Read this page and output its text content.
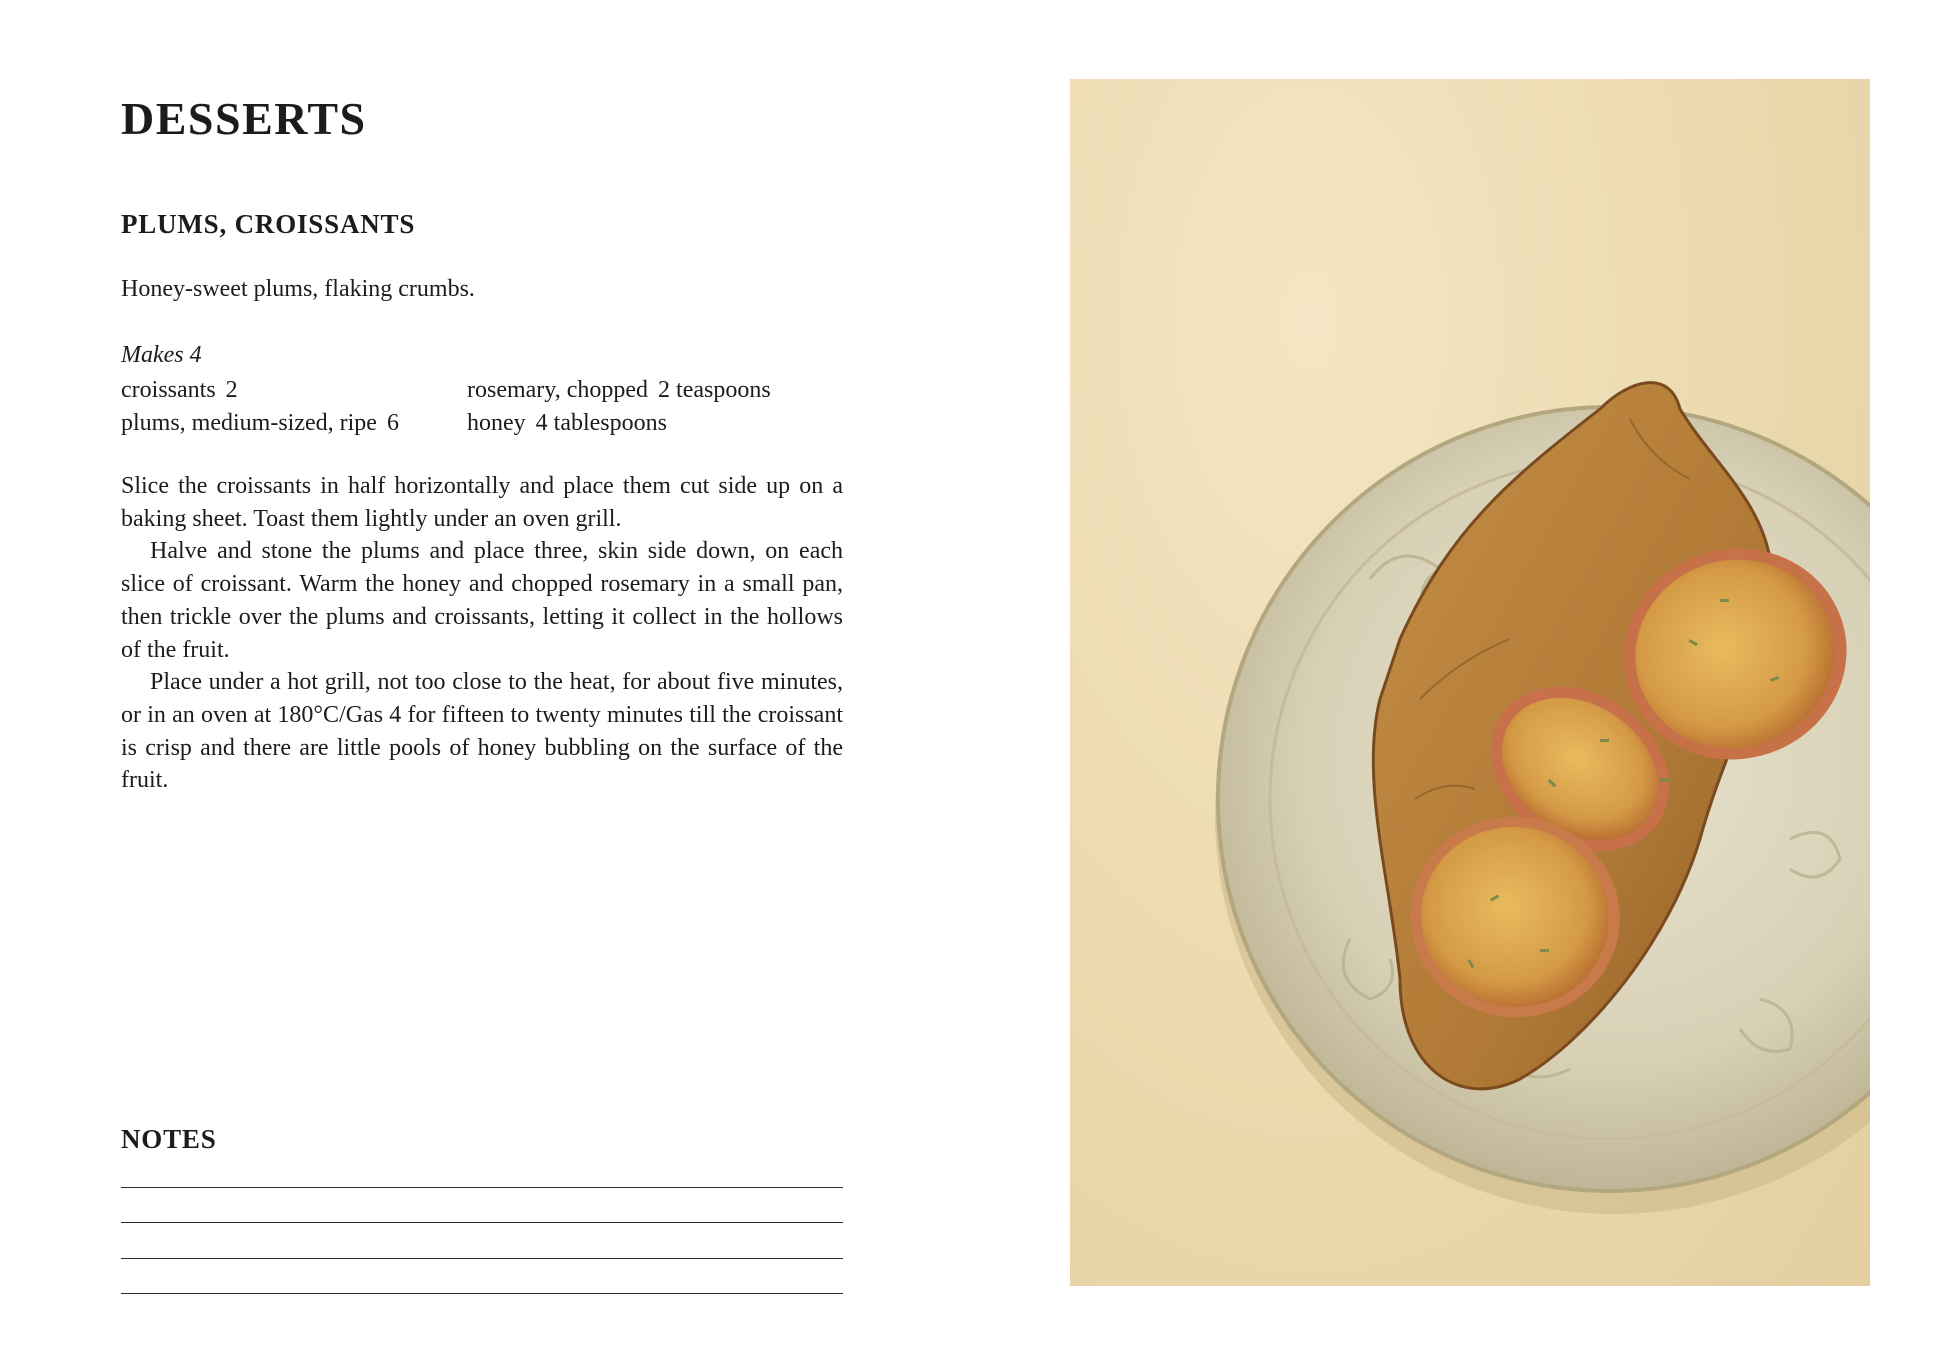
DESSERTS
PLUMS, CROISSANTS

Honey-sweet plums, flaking crumbs.

Makes 4

croissants 2
plums, medium-sized, ripe 6
rosemary, chopped 2 teaspoons
honey 4 tablespoons

Slice the croissants in half horizontally and place them cut side up on a baking sheet. Toast them lightly under an oven grill.

Halve and stone the plums and place three, skin side down, on each slice of croissant. Warm the honey and chopped rosemary in a small pan, then trickle over the plums and croissants, letting it collect in the hollows of the fruit.

Place under a hot grill, not too close to the heat, for about five minutes, or in an oven at 180°C/Gas 4 for fifteen to twenty minutes till the croissant is crisp and there are little pools of honey bubbling on the surface of the fruit.

NOTES
